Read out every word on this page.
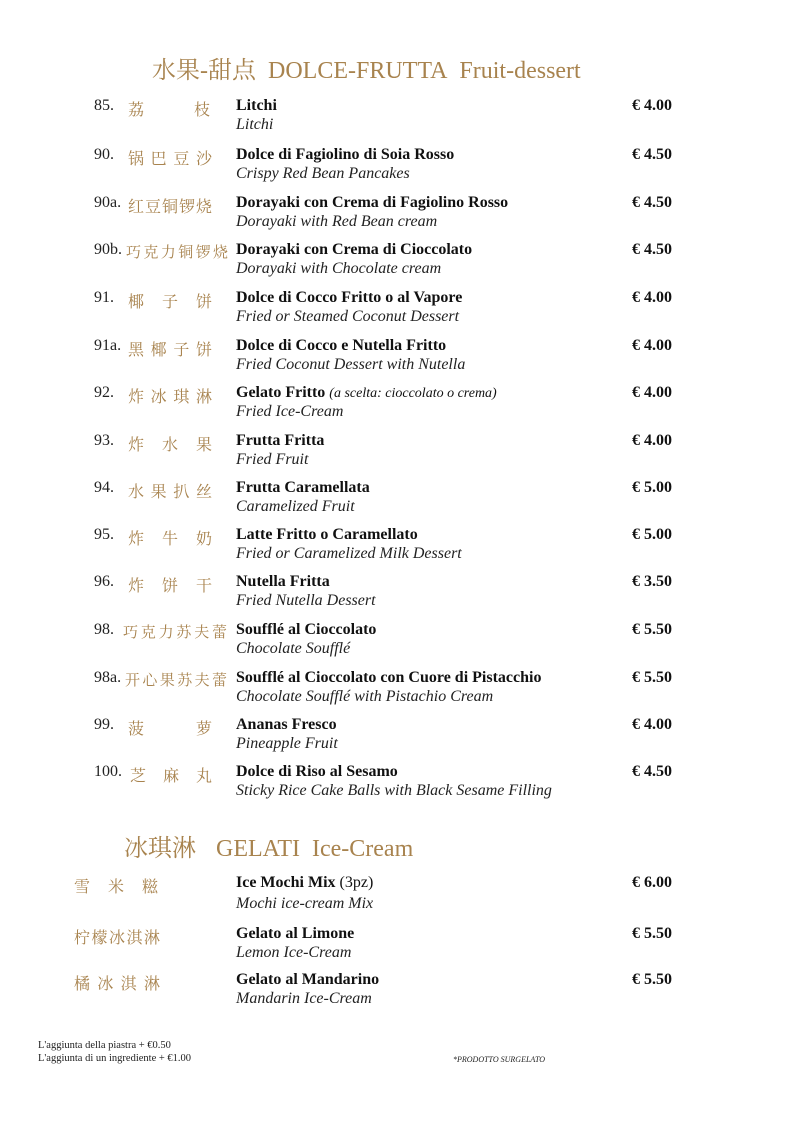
水果-甜点 DOLCE-FRUTTA Fruit-dessert
85. 荔枝 Litchi
Litchi
€ 4.00
90. 锅巴豆沙 Dolce di Fagiolino di Soia Rosso
Crispy Red Bean Pancakes
€ 4.50
90a. 红豆铜锣烧 Dorayaki con Crema di Fagiolino Rosso
Dorayaki with Red Bean cream
€ 4.50
90b. 巧克力铜锣烧 Dorayaki con Crema di Cioccolato
Dorayaki with Chocolate cream
€ 4.50
91. 椰子饼 Dolce di Cocco Fritto o al Vapore
Fried or Steamed Coconut Dessert
€ 4.00
91a. 黑椰子饼 Dolce di Cocco e Nutella Fritto
Fried Coconut Dessert with Nutella
€ 4.00
92. 炸冰琪淋 Gelato Fritto (a scelta: cioccolato o crema)
Fried Ice-Cream
€ 4.00
93. 炸水果 Frutta Fritta
Fried Fruit
€ 4.00
94. 水果扒丝 Frutta Caramellata
Caramelized Fruit
€ 5.00
95. 炸牛奶 Latte Fritto o Caramellato
Fried or Caramelized Milk Dessert
€ 5.00
96. 炸饼干 Nutella Fritta
Fried Nutella Dessert
€ 3.50
98. 巧克力苏夫蕾 Soufflé al Cioccolato
Chocolate Soufflé
€ 5.50
98a. 开心果苏夫蕾 Soufflé al Cioccolato con Cuore di Pistacchio
Chocolate Soufflé with Pistachio Cream
€ 5.50
99. 菠萝 Ananas Fresco
Pineapple Fruit
€ 4.00
100. 芝麻丸 Dolce di Riso al Sesamo
Sticky Rice Cake Balls with Black Sesame Filling
€ 4.50
冰琪淋 GELATI Ice-Cream
雪米糍	Ice Mochi Mix (3pz)
Mochi ice-cream Mix
€ 6.00
柠檬冰淇淋	Gelato al Limone
Lemon Ice-Cream
€ 5.50
橘冰淇淋	Gelato al Mandarino
Mandarin Ice-Cream
€ 5.50
L'aggiunta della piastra + €0.50
L'aggiunta di un ingrediente + €1.00	*PRODOTTO SURGELATO
